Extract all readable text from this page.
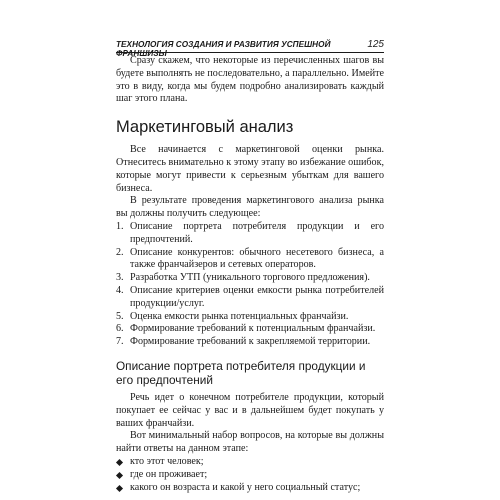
ТЕХНОЛОГИЯ СОЗДАНИЯ И РАЗВИТИЯ УСПЕШНОЙ ФРАНШИЗЫ
125

Сразу скажем, что некоторые из перечисленных шагов вы будете выполнять не последовательно, а параллельно. Имейте это в виду, когда мы будем подробно анализировать каждый шаг этого плана.

Маркетинговый анализ

Все начинается с маркетинговой оценки рынка. Отнеситесь внимательно к этому этапу во избежание ошибок, которые могут привести к серьезным убыткам для вашего бизнеса.

В результате проведения маркетингового анализа рынка вы должны получить следующее:

1. Описание портрета потребителя продукции и его предпочтений.
2. Описание конкурентов: обычного несетевого бизнеса, а также франчайзеров и сетевых операторов.
3. Разработка УТП (уникального торгового предложения).
4. Описание критериев оценки емкости рынка потребителей продукции/услуг.
5. Оценка емкости рынка потенциальных франчайзи.
6. Формирование требований к потенциальным франчайзи.
7. Формирование требований к закрепляемой территории.
Описание портрета потребителя продукции и его предпочтений

Речь идет о конечном потребителе продукции, который покупает ее сейчас у вас и в дальнейшем будет покупать у ваших франчайзи.

Вот минимальный набор вопросов, на которые вы должны найти ответы на данном этапе:

кто этот человек;
где он проживает;
какого он возраста и какой у него социальный статус;
